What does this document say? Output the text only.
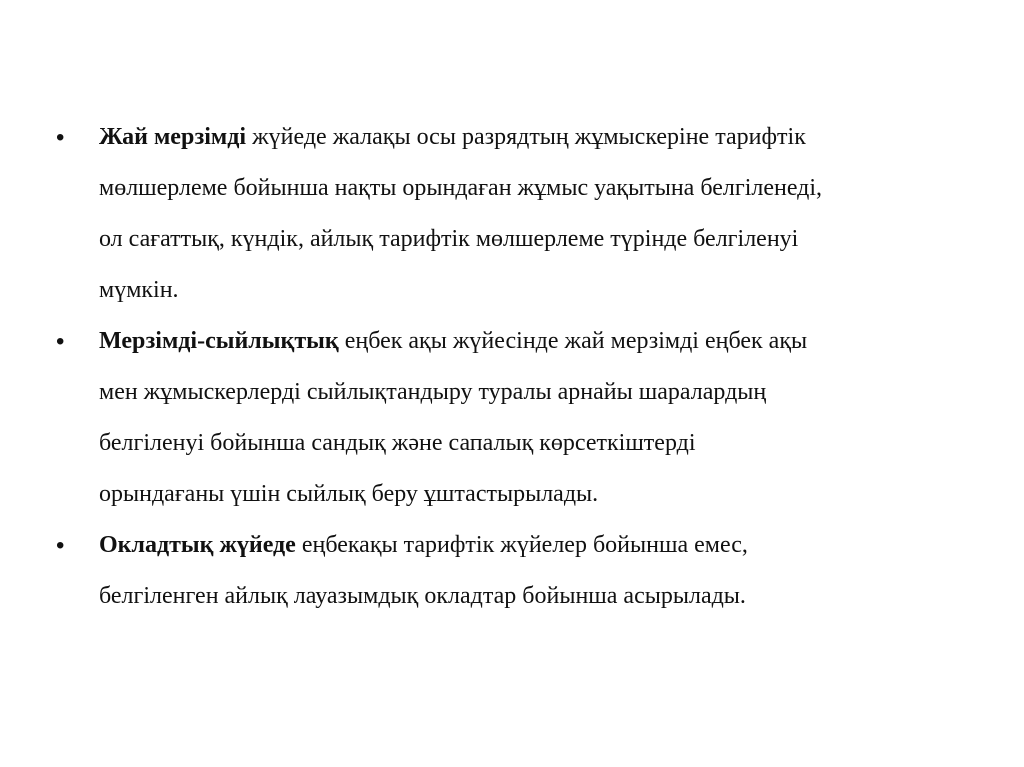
• Жай мерзімді жүйеде жалақы осы разрядтың жұмыскеріне тарифтік
мөлшерлеме бойынша нақты орындаған жұмыс уақытына белгіленеді,
ол сағаттық, күндік, айлық тарифтік мөлшерлеме түрінде белгіленуі
мүмкін.
• Мерзімді-сыйлықтық еңбек ақы жүйесінде жай мерзімді еңбек ақы
мен жұмыскерлерді сыйлықтандыру туралы арнайы шаралардың
белгіленуі бойынша сандық және сапалық көрсеткіштерді
орындағаны үшін сыйлық беру ұштастырылады.
• Окладтық жүйеде еңбекақы тарифтік жүйелер бойынша емес,
белгіленген айлық лауазымдық окладтар бойынша асырылады.
